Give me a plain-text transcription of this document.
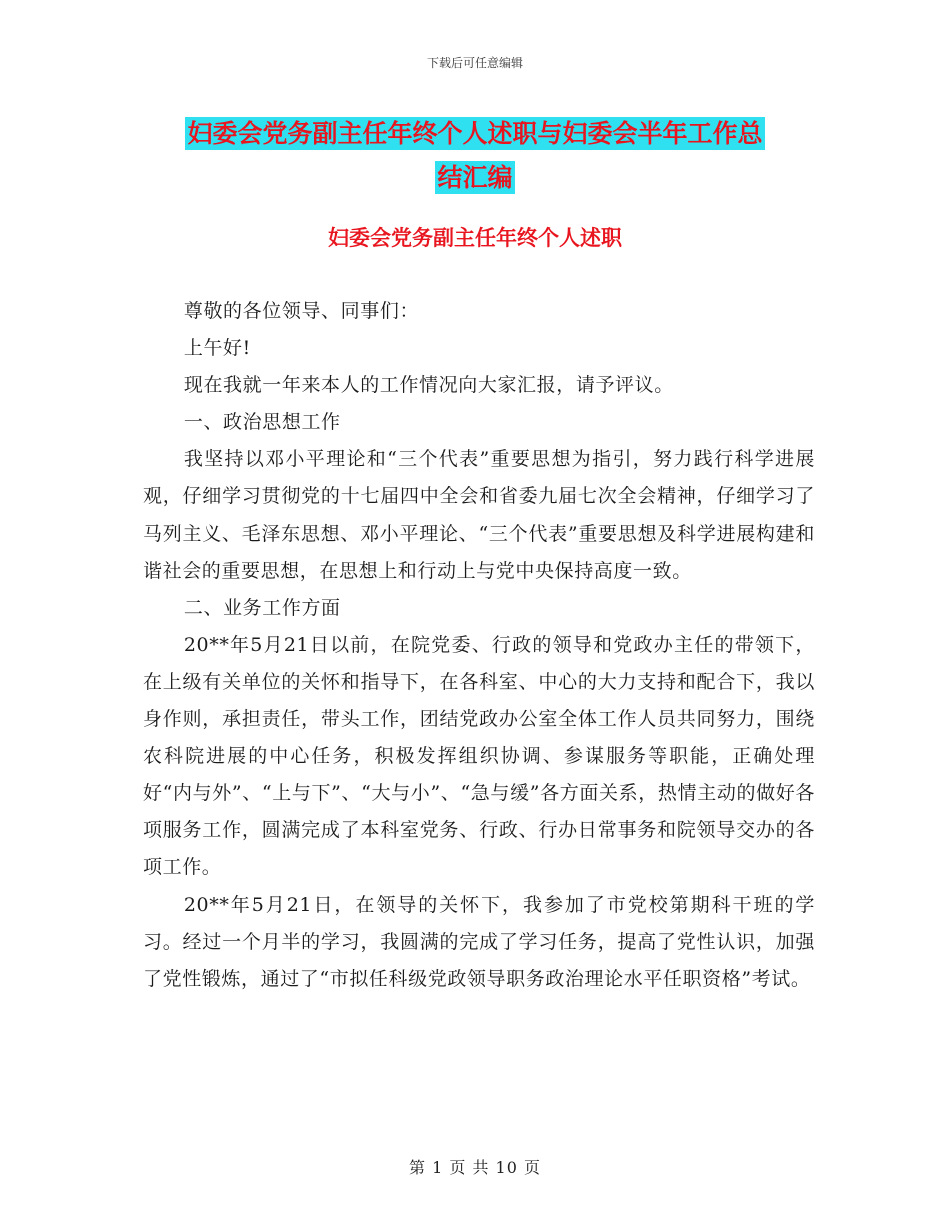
下载后可任意编辑
妇委会党务副主任年终个人述职与妇委会半年工作总
结汇编
妇委会党务副主任年终个人述职

尊敬的各位领导、同事们：

上午好!

现在我就一年来本人的工作情况向大家汇报，请予评议。

一、政治思想工作

我坚持以邓小平理论和“三个代表”重要思想为指引，努力践行科学进展观，仔细学习贯彻党的十七届四中全会和省委九届七次全会精神，仔细学习了马列主义、毛泽东思想、邓小平理论、“三个代表”重要思想及科学进展构建和谐社会的重要思想，在思想上和行动上与党中央保持高度一致。

二、业务工作方面

20**年5月21日以前，在院党委、行政的领导和党政办主任的带领下，在上级有关单位的关怀和指导下，在各科室、中心的大力支持和配合下，我以身作则，承担责任，带头工作，团结党政办公室全体工作人员共同努力，围绕农科院进展的中心任务，积极发挥组织协调、参谋服务等职能，正确处理好“内与外”、“上与下”、“大与小”、“急与缓”各方面关系，热情主动的做好各项服务工作，圆满完成了本科室党务、行政、行办日常事务和院领导交办的各项工作。

20**年5月21日，在领导的关怀下，我参加了市党校第期科干班的学习。经过一个月半的学习，我圆满的完成了学习任务，提高了党性认识，加强了党性锻炼，通过了“市拟任科级党政领导职务政治理论水平任职资格”考试。

第 1 页 共 10 页
